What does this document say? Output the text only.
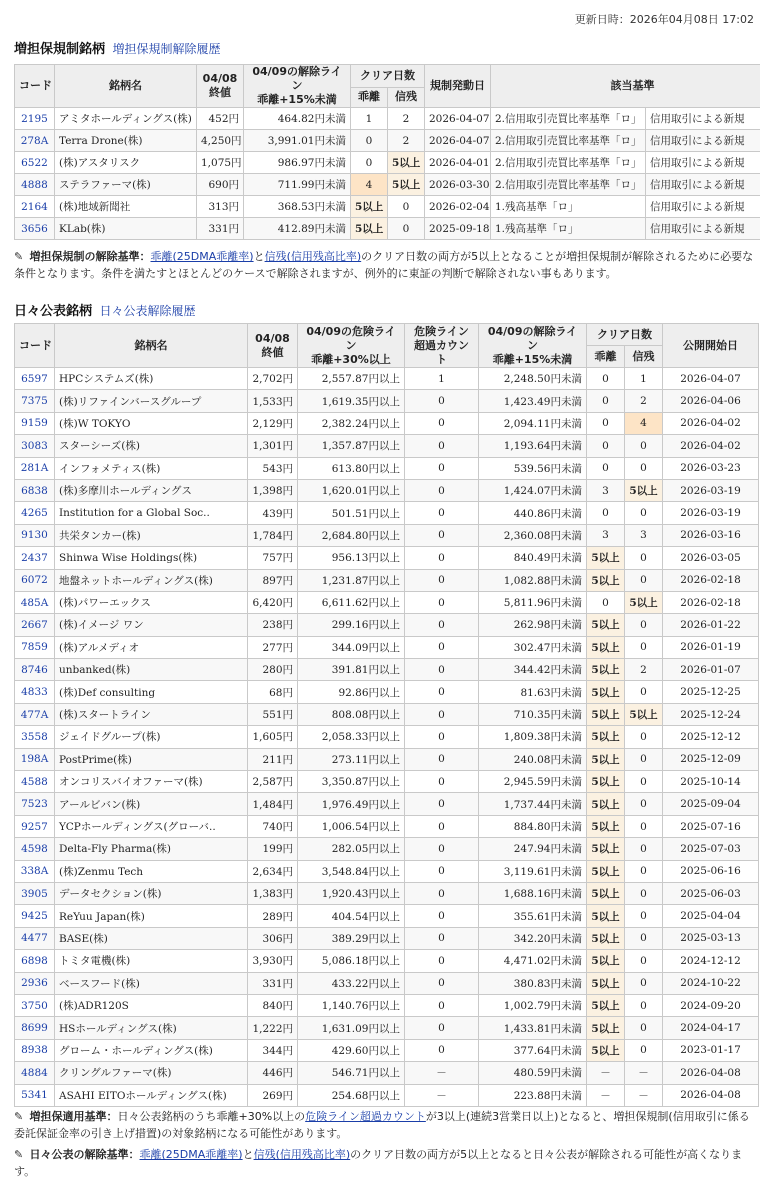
更新日時：2026年04月08日 17:02
増担保規制銘柄 増担保規制解除履歴
コード	銘柄名	04/08
終値	04/09の解除ライン
乖離+15%未満	クリア日数		規制発動日	該当基準	
				乖離	信残			
2195	アミタホールディングス(株)	452円	464.82円未満	1	2	2026-04-07	2.信用取引売買比率基準「ロ」	信用取引による新規
278A	Terra Drone(株)	4,250円	3,991.01円未満	0	2	2026-04-07	2.信用取引売買比率基準「ロ」	信用取引による新規
6522	(株)アスタリスク	1,075円	986.97円未満	0	5以上	2026-04-01	2.信用取引売買比率基準「ロ」	信用取引による新規
4888	ステラファーマ(株)	690円	711.99円未満	4	5以上	2026-03-30	2.信用取引売買比率基準「ロ」	信用取引による新規
2164	(株)地域新聞社	313円	368.53円未満	5以上	0	2026-02-04	1.残高基準「ロ」	信用取引による新規
3656	KLab(株)	331円	412.89円未満	5以上	0	2025-09-18	1.残高基準「ロ」	信用取引による新規
✎ 増担保規制の解除基準：乖離(25DMA乖離率)と信残(信用残高比率)のクリア日数の両方が5以上となることが増担保規制が解除されるために必要な条件となります。条件を満たすとほとんどのケースで解除されますが、例外的に東証の判断で解除されない事もあります。
日々公表銘柄 日々公表解除履歴
コード	銘柄名	04/08
終値	04/09の危険ライン
乖離+30%以上	危険ライン
超過カウント	04/09の解除ライン
乖離+15%未満	クリア日数		公開開始日
						乖離	信残	
6597	HPCシステムズ(株)	2,702円	2,557.87円以上	1	2,248.50円未満	0	1	2026-04-07
7375	(株)リファインバースグループ	1,533円	1,619.35円以上	0	1,423.49円未満	0	2	2026-04-06
9159	(株)W TOKYO	2,129円	2,382.24円以上	0	2,094.11円未満	0	4	2026-04-02
3083	スターシーズ(株)	1,301円	1,357.87円以上	0	1,193.64円未満	0	0	2026-04-02
281A	インフォメティス(株)	543円	613.80円以上	0	539.56円未満	0	0	2026-03-23
6838	(株)多摩川ホールディングス	1,398円	1,620.01円以上	0	1,424.07円未満	3	5以上	2026-03-19
4265	Institution for a Global Soc..	439円	501.51円以上	0	440.86円未満	0	0	2026-03-19
9130	共栄タンカー(株)	1,784円	2,684.80円以上	0	2,360.08円未満	3	3	2026-03-16
2437	Shinwa Wise Holdings(株)	757円	956.13円以上	0	840.49円未満	5以上	0	2026-03-05
6072	地盤ネットホールディングス(株)	897円	1,231.87円以上	0	1,082.88円未満	5以上	0	2026-02-18
485A	(株)パワーエックス	6,420円	6,611.62円以上	0	5,811.96円未満	0	5以上	2026-02-18
2667	(株)イメージ ワン	238円	299.16円以上	0	262.98円未満	5以上	0	2026-01-22
7859	(株)アルメディオ	277円	344.09円以上	0	302.47円未満	5以上	0	2026-01-19
8746	unbanked(株)	280円	391.81円以上	0	344.42円未満	5以上	2	2026-01-07
4833	(株)Def consulting	68円	92.86円以上	0	81.63円未満	5以上	0	2025-12-25
477A	(株)スタートライン	551円	808.08円以上	0	710.35円未満	5以上	5以上	2025-12-24
3558	ジェイドグループ(株)	1,605円	2,058.33円以上	0	1,809.38円未満	5以上	0	2025-12-12
198A	PostPrime(株)	211円	273.11円以上	0	240.08円未満	5以上	0	2025-12-09
4588	オンコリスバイオファーマ(株)	2,587円	3,350.87円以上	0	2,945.59円未満	5以上	0	2025-10-14
7523	アールビバン(株)	1,484円	1,976.49円以上	0	1,737.44円未満	5以上	0	2025-09-04
9257	YCPホールディングス(グローバ..	740円	1,006.54円以上	0	884.80円未満	5以上	0	2025-07-16
4598	Delta-Fly Pharma(株)	199円	282.05円以上	0	247.94円未満	5以上	0	2025-07-03
338A	(株)Zenmu Tech	2,634円	3,548.84円以上	0	3,119.61円未満	5以上	0	2025-06-16
3905	データセクション(株)	1,383円	1,920.43円以上	0	1,688.16円未満	5以上	0	2025-06-03
9425	ReYuu Japan(株)	289円	404.54円以上	0	355.61円未満	5以上	0	2025-04-04
4477	BASE(株)	306円	389.29円以上	0	342.20円未満	5以上	0	2025-03-13
6898	トミタ電機(株)	3,930円	5,086.18円以上	0	4,471.02円未満	5以上	0	2024-12-12
2936	ベースフード(株)	331円	433.22円以上	0	380.83円未満	5以上	0	2024-10-22
3750	(株)ADR120S	840円	1,140.76円以上	0	1,002.79円未満	5以上	0	2024-09-20
8699	HSホールディングス(株)	1,222円	1,631.09円以上	0	1,433.81円未満	5以上	0	2024-04-17
8938	グローム・ホールディングス(株)	344円	429.60円以上	0	377.64円未満	5以上	0	2023-01-17
4884	クリングルファーマ(株)	446円	546.71円以上	－	480.59円未満	－	－	2026-04-08
5341	ASAHI EITOホールディングス(株)	269円	254.68円以上	－	223.88円未満	－	－	2026-04-08
✎ 増担保適用基準：日々公表銘柄のうち乖離+30%以上の危険ライン超過カウントが3以上(連続3営業日以上)となると、増担保規制(信用取引に係る委託保証金率の引き上げ措置)の対象銘柄になる可能性があります。
✎ 日々公表の解除基準：乖離(25DMA乖離率)と信残(信用残高比率)のクリア日数の両方が5以上となると日々公表が解除される可能性が高くなります。
